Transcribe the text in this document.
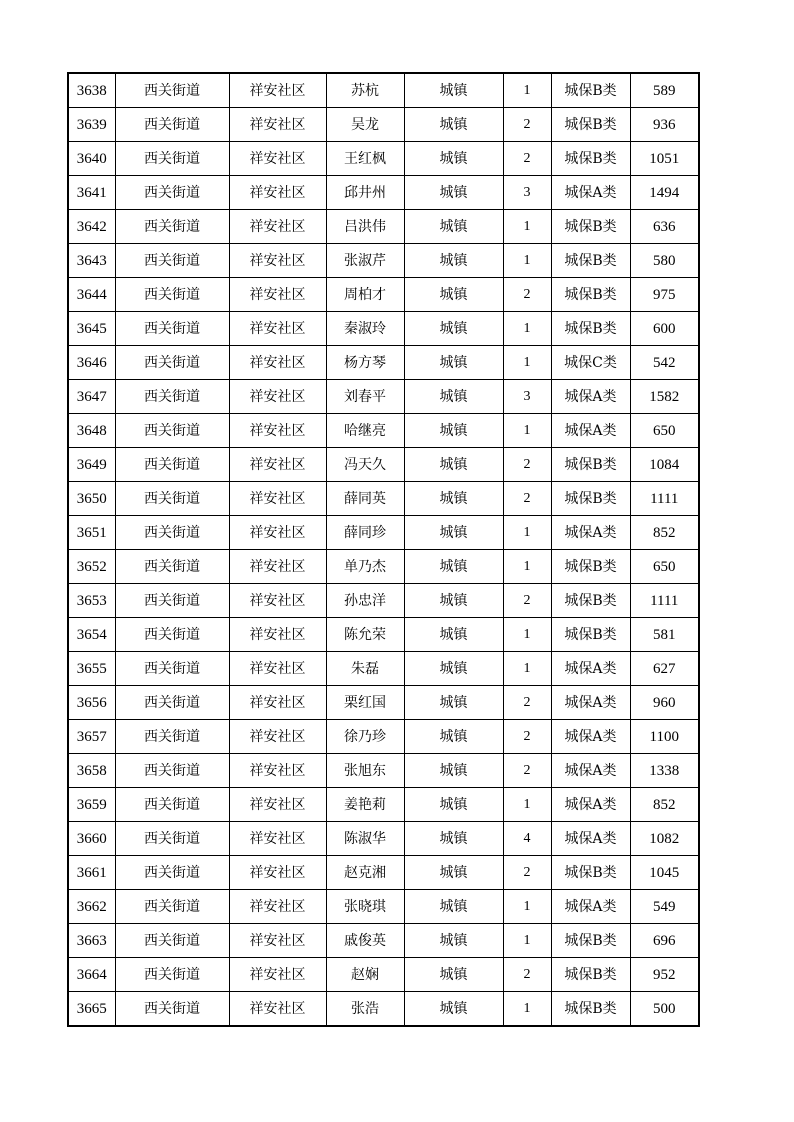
3638	西关街道	祥安社区	苏杭	城镇	1	城保B类	589
3639	西关街道	祥安社区	吴龙	城镇	2	城保B类	936
3640	西关街道	祥安社区	王红枫	城镇	2	城保B类	1051
3641	西关街道	祥安社区	邱井州	城镇	3	城保A类	1494
3642	西关街道	祥安社区	吕洪伟	城镇	1	城保B类	636
3643	西关街道	祥安社区	张淑芹	城镇	1	城保B类	580
3644	西关街道	祥安社区	周柏才	城镇	2	城保B类	975
3645	西关街道	祥安社区	秦淑玲	城镇	1	城保B类	600
3646	西关街道	祥安社区	杨方琴	城镇	1	城保C类	542
3647	西关街道	祥安社区	刘春平	城镇	3	城保A类	1582
3648	西关街道	祥安社区	哈继亮	城镇	1	城保A类	650
3649	西关街道	祥安社区	冯天久	城镇	2	城保B类	1084
3650	西关街道	祥安社区	薛同英	城镇	2	城保B类	1111
3651	西关街道	祥安社区	薛同珍	城镇	1	城保A类	852
3652	西关街道	祥安社区	单乃杰	城镇	1	城保B类	650
3653	西关街道	祥安社区	孙忠洋	城镇	2	城保B类	1111
3654	西关街道	祥安社区	陈允荣	城镇	1	城保B类	581
3655	西关街道	祥安社区	朱磊	城镇	1	城保A类	627
3656	西关街道	祥安社区	栗红国	城镇	2	城保A类	960
3657	西关街道	祥安社区	徐乃珍	城镇	2	城保A类	1100
3658	西关街道	祥安社区	张旭东	城镇	2	城保A类	1338
3659	西关街道	祥安社区	姜艳莉	城镇	1	城保A类	852
3660	西关街道	祥安社区	陈淑华	城镇	4	城保A类	1082
3661	西关街道	祥安社区	赵克湘	城镇	2	城保B类	1045
3662	西关街道	祥安社区	张晓琪	城镇	1	城保A类	549
3663	西关街道	祥安社区	戚俊英	城镇	1	城保B类	696
3664	西关街道	祥安社区	赵娴	城镇	2	城保B类	952
3665	西关街道	祥安社区	张浩	城镇	1	城保B类	500
